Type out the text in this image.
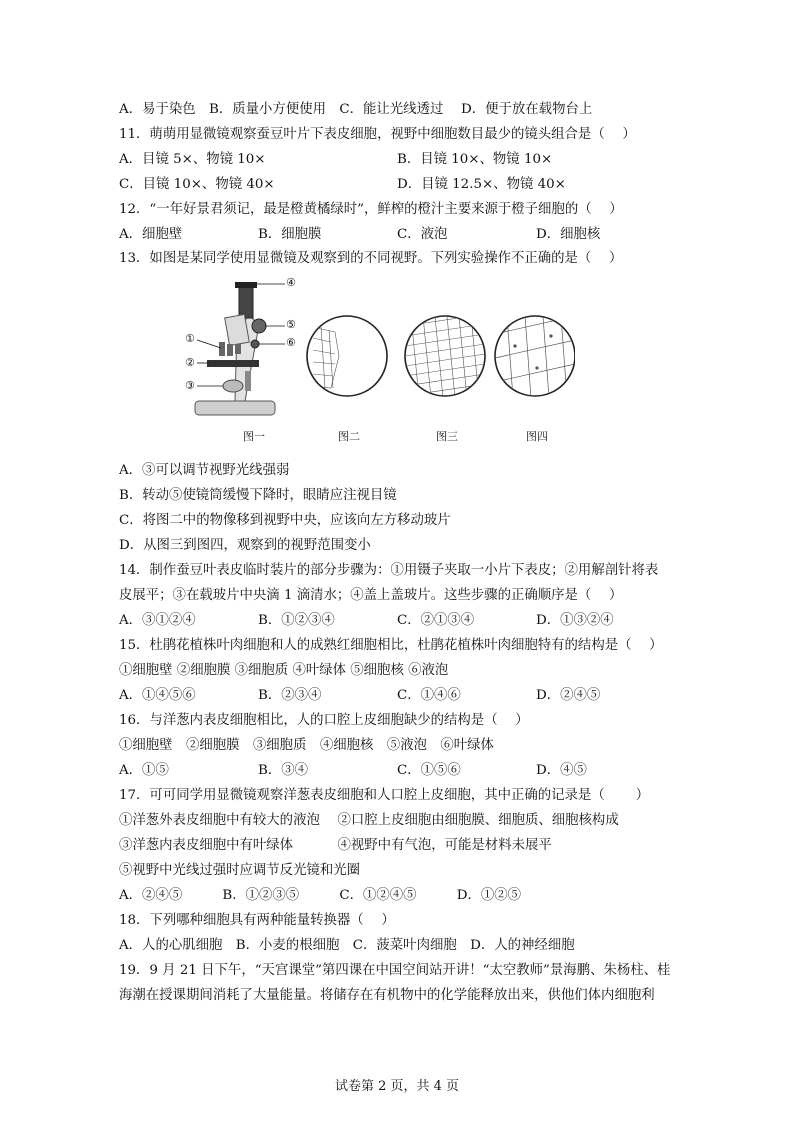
A．易于染色　B．质量小方便使用　C．能让光线透过　 D．便于放在载物台上
11．萌萌用显微镜观察蚕豆叶片下表皮细胞，视野中细胞数目最少的镜头组合是（　 ）
A．目镜 5×、物镜 10×	B．目镜 10×、物镜 10×
C．目镜 10×、物镜 40×	D．目镜 12.5×、物镜 40×
12．“一年好景君须记，最是橙黄橘绿时”，鲜榨的橙汁主要来源于橙子细胞的（　 ）
A．细胞壁	B．细胞膜	C．液泡	D．细胞核
13．如图是某同学使用显微镜及观察到的不同视野。下列实验操作不正确的是（　 ）
④
⑤
⑥
①
②
③
图一	图二	图三	图四
A．③可以调节视野光线强弱
B．转动⑤使镜筒缓慢下降时，眼睛应注视目镜
C．将图二中的物像移到视野中央，应该向左方移动玻片
D．从图三到图四，观察到的视野范围变小
14．制作蚕豆叶表皮临时装片的部分步骤为：①用镊子夹取一小片下表皮；②用解剖针将表
皮展平；③在载玻片中央滴 1 滴清水；④盖上盖玻片。这些步骤的正确顺序是（　 ）
A．③①②④	B．①②③④	C．②①③④	D．①③②④
15．杜鹃花植株叶肉细胞和人的成熟红细胞相比，杜鹃花植株叶肉细胞特有的结构是（　 ）
①细胞壁 ②细胞膜 ③细胞质 ④叶绿体 ⑤细胞核 ⑥液泡
A．①④⑤⑥	B．②③④	C．①④⑥	D．②④⑤
16．与洋葱内表皮细胞相比，人的口腔上皮细胞缺少的结构是（　 ）
①细胞壁　②细胞膜　③细胞质　④细胞核　⑤液泡　⑥叶绿体
A．①⑤	B．③④	C．①⑤⑥	D．④⑤
17．可可同学用显微镜观察洋葱表皮细胞和人口腔上皮细胞，其中正确的记录是（　　 ）
①洋葱外表皮细胞中有较大的液泡　 ②口腔上皮细胞由细胞膜、细胞质、细胞核构成
③洋葱内表皮细胞中有叶绿体　　　 ④视野中有气泡，可能是材料未展平
⑤视野中光线过强时应调节反光镜和光圈
A．②④⑤　　　B．①②③⑤　　　C．①②④⑤　　　D．①②⑤
18．下列哪种细胞具有两种能量转换器（　 ）
A．人的心肌细胞　B．小麦的根细胞　C．菠菜叶肉细胞　D．人的神经细胞
19．9 月 21 日下午，“天宫课堂”第四课在中国空间站开讲！“太空教师”景海鹏、朱杨柱、桂
海潮在授课期间消耗了大量能量。将储存在有机物中的化学能释放出来，供他们体内细胞利
试卷第 2 页，共 4 页
